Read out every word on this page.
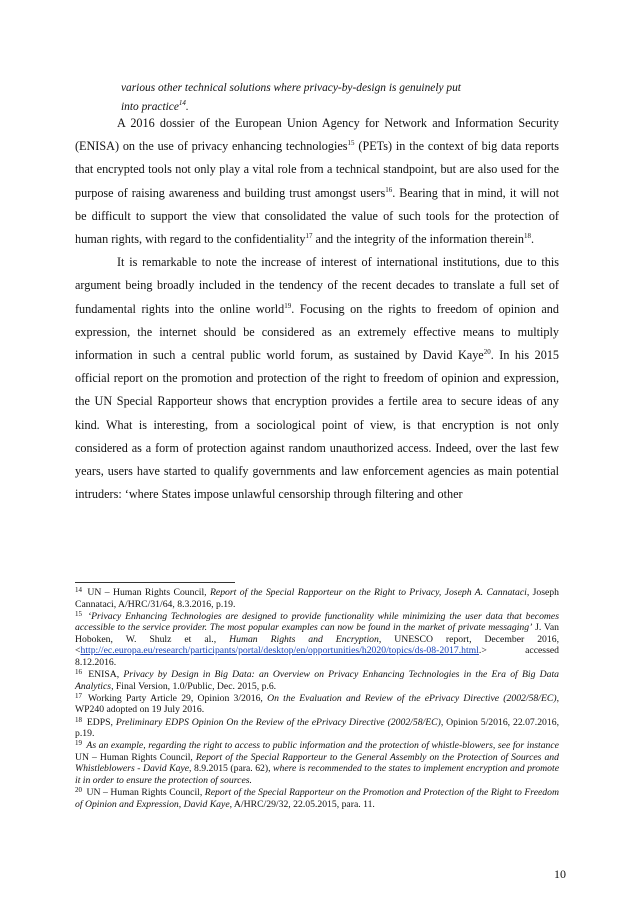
various other technical solutions where privacy-by-design is genuinely put
into practice$^{14}$.

A 2016 dossier of the European Union Agency for Network and Information Security (ENISA) on the use of privacy enhancing technologies$^{15}$ (PETs) in the context of big data reports that encrypted tools not only play a vital role from a technical standpoint, but are also used for the purpose of raising awareness and building trust amongst users$^{16}$. Bearing that in mind, it will not be difficult to support the view that consolidated the value of such tools for the protection of human rights, with regard to the confidentiality$^{17}$ and the integrity of the information therein$^{18}$.

It is remarkable to note the increase of interest of international institutions, due to this argument being broadly included in the tendency of the recent decades to translate a full set of fundamental rights into the online world$^{19}$. Focusing on the rights to freedom of opinion and expression, the internet should be considered as an extremely effective means to multiply information in such a central public world forum, as sustained by David Kaye$^{20}$. In his 2015 official report on the promotion and protection of the right to freedom of opinion and expression, the UN Special Rapporteur shows that encryption provides a fertile area to secure ideas of any kind. What is interesting, from a sociological point of view, is that encryption is not only considered as a form of protection against random unauthorized access. Indeed, over the last few years, users have started to qualify governments and law enforcement agencies as main potential intruders: ‘where States impose unlawful censorship through filtering and other

$^{14}$ UN – Human Rights Council, Report of the Special Rapporteur on the Right to Privacy, Joseph A. Cannataci, Joseph Cannataci, A/HRC/31/64, 8.3.2016, p.19.
$^{15}$ ‘Privacy Enhancing Technologies are designed to provide functionality while minimizing the user data that becomes accessible to the service provider. The most popular examples can now be found in the market of private messaging’ J. Van Hoboken, W. Shulz et al., Human Rights and Encryption, UNESCO report, December 2016, <http://ec.europa.eu/research/participants/portal/desktop/en/opportunities/h2020/topics/ds-08-2017.html.> accessed 8.12.2016.
$^{16}$ ENISA, Privacy by Design in Big Data: an Overview on Privacy Enhancing Technologies in the Era of Big Data Analytics, Final Version, 1.0/Public, Dec. 2015, p.6.
$^{17}$ Working Party Article 29, Opinion 3/2016, On the Evaluation and Review of the ePrivacy Directive (2002/58/EC), WP240 adopted on 19 July 2016.
$^{18}$ EDPS, Preliminary EDPS Opinion On the Review of the ePrivacy Directive (2002/58/EC), Opinion 5/2016, 22.07.2016, p.19.
$^{19}$ As an example, regarding the right to access to public information and the protection of whistle-blowers, see for instance UN – Human Rights Council, Report of the Special Rapporteur to the General Assembly on the Protection of Sources and Whistleblowers - David Kaye, 8.9.2015 (para. 62), where is recommended to the states to implement encryption and promote it in order to ensure the protection of sources.
$^{20}$ UN – Human Rights Council, Report of the Special Rapporteur on the Promotion and Protection of the Right to Freedom of Opinion and Expression, David Kaye, A/HRC/29/32, 22.05.2015, para. 11.
10
